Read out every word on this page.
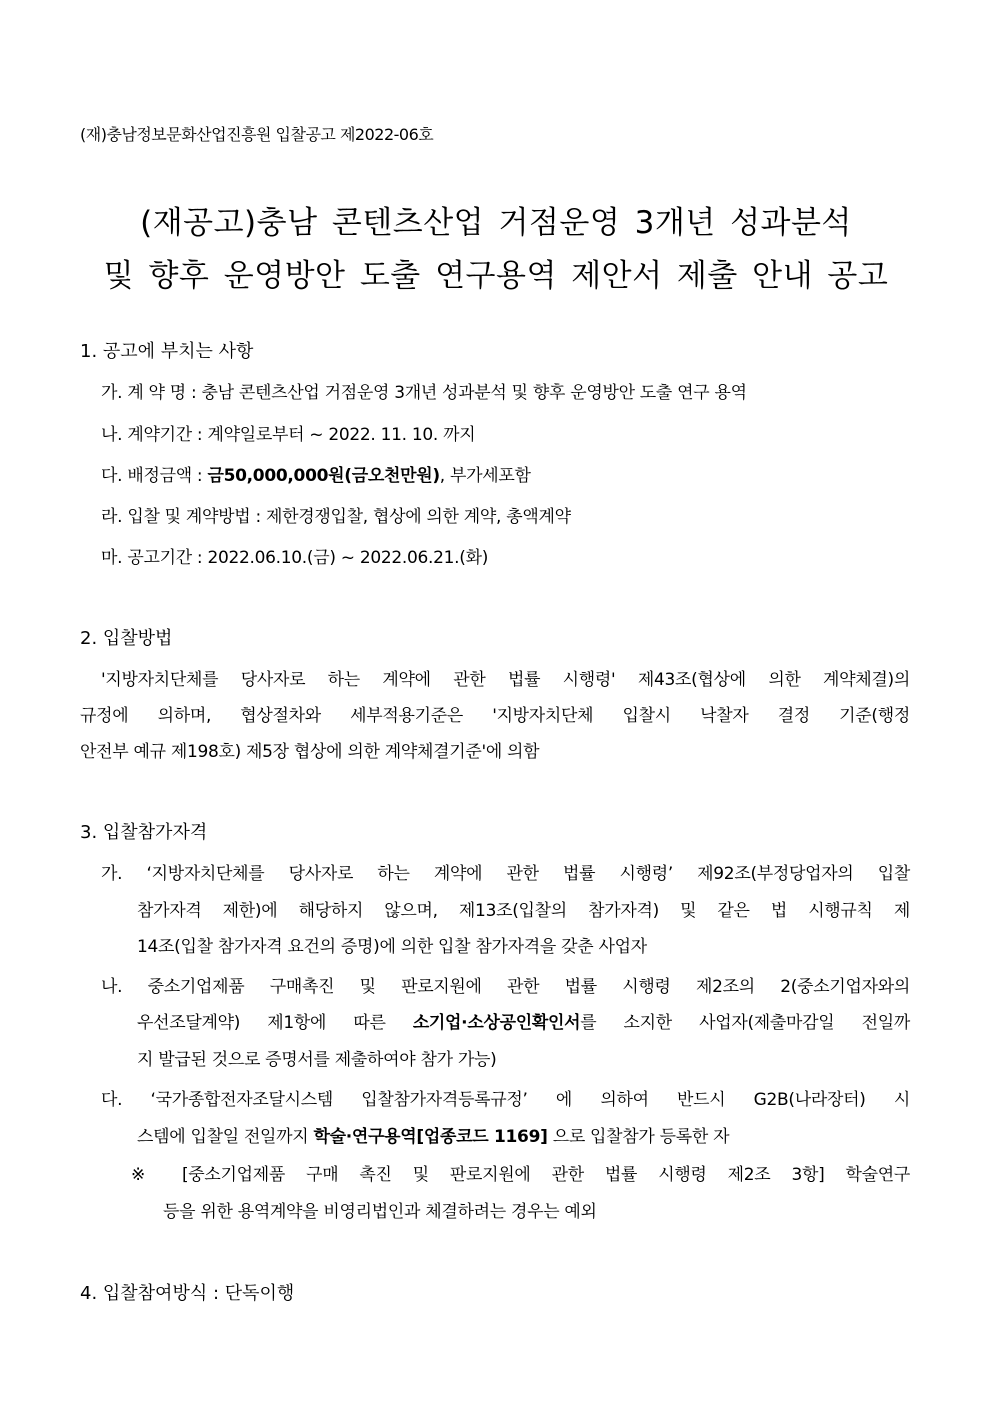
(재)충남정보문화산업진흥원 입찰공고 제2022-06호
(재공고)충남 콘텐츠산업 거점운영 3개년 성과분석
및 향후 운영방안 도출 연구용역 제안서 제출 안내 공고
1. 공고에 부치는 사항
가. 계 약 명 : 충남 콘텐츠산업 거점운영 3개년 성과분석 및 향후 운영방안 도출 연구 용역
나. 계약기간 : 계약일로부터 ~ 2022. 11. 10. 까지
다. 배정금액 : 금50,000,000원(금오천만원), 부가세포함
라. 입찰 및 계약방법 : 제한경쟁입찰, 협상에 의한 계약, 총액계약
마. 공고기간 : 2022.06.10.(금) ~ 2022.06.21.(화)
2. 입찰방법
'지방자치단체를 당사자로 하는 계약에 관한 법률 시행령' 제43조(협상에 의한 계약체결)의
규정에 의하며, 협상절차와 세부적용기준은 '지방자치단체 입찰시 낙찰자 결정 기준(행정
안전부 예규 제198호) 제5장 협상에 의한 계약체결기준'에 의함
3. 입찰참가자격
가. ‘지방자치단체를 당사자로 하는 계약에 관한 법률 시행령’ 제92조(부정당업자의 입찰
참가자격 제한)에 해당하지 않으며, 제13조(입찰의 참가자격) 및 같은 법 시행규칙 제
14조(입찰 참가자격 요건의 증명)에 의한 입찰 참가자격을 갖춘 사업자
나. 중소기업제품 구매촉진 및 판로지원에 관한 법률 시행령 제2조의 2(중소기업자와의
우선조달계약) 제1항에 따른 소기업·소상공인확인서를 소지한 사업자(제출마감일 전일까
지 발급된 것으로 증명서를 제출하여야 참가 가능)
다. ‘국가종합전자조달시스템 입찰참가자격등록규정’ 에 의하여 반드시 G2B(나라장터) 시
스템에 입찰일 전일까지 학술·연구용역[업종코드 1169] 으로 입찰참가 등록한 자
※ [중소기업제품 구매 촉진 및 판로지원에 관한 법률 시행령 제2조 3항] 학술연구
등을 위한 용역계약을 비영리법인과 체결하려는 경우는 예외
4. 입찰참여방식 : 단독이행
